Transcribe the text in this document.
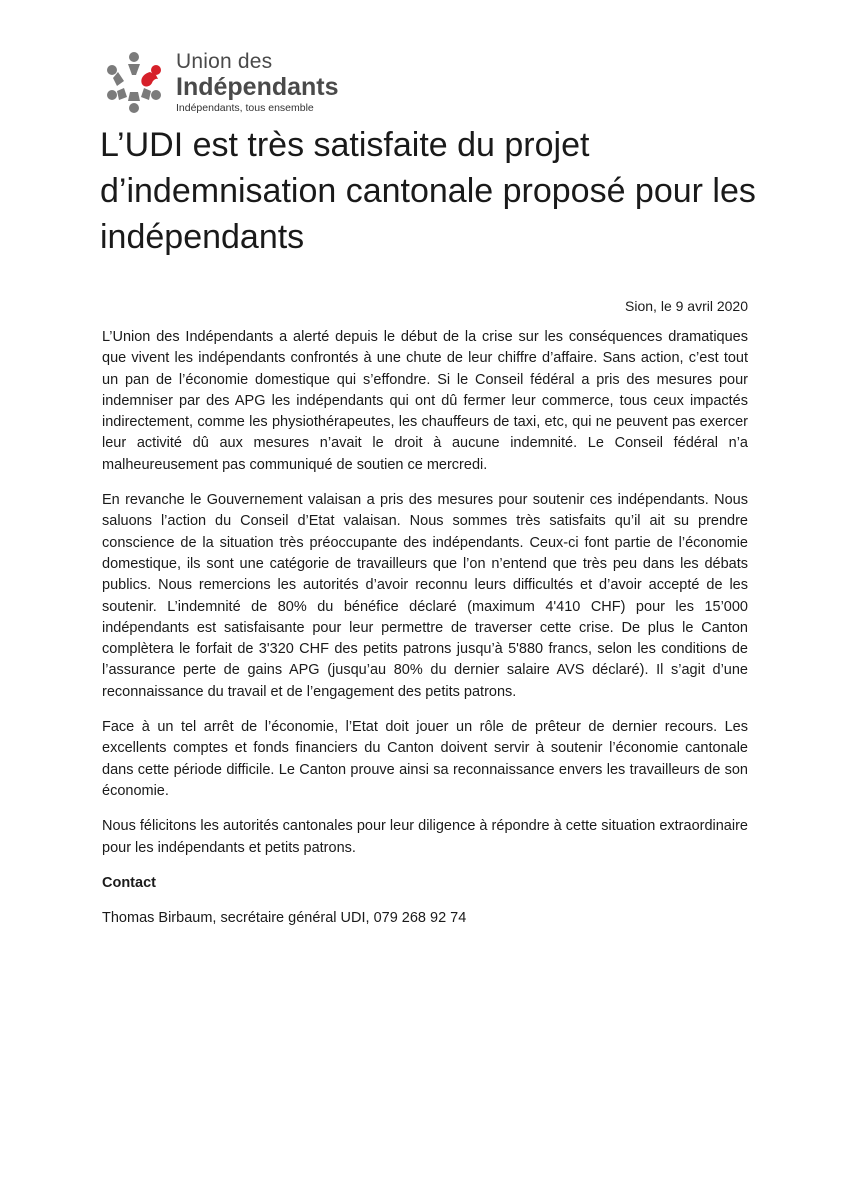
Union des
Indépendants
Indépendants, tous ensemble
L’UDI est très satisfaite du projet d’indemnisation cantonale proposé pour les indépendants
Sion, le 9 avril 2020

L’Union des Indépendants a alerté depuis le début de la crise sur les conséquences dramatiques que vivent les indépendants confrontés à une chute de leur chiffre d’affaire. Sans action, c’est tout un pan de l’économie domestique qui s’effondre. Si le Conseil fédéral a pris des mesures pour indemniser par des APG les indépendants qui ont dû fermer leur commerce, tous ceux impactés indirectement, comme les physiothérapeutes, les chauffeurs de taxi, etc, qui ne peuvent pas exercer leur activité dû aux mesures n’avait le droit à aucune indemnité. Le Conseil fédéral n’a malheureusement pas communiqué de soutien ce mercredi.

En revanche le Gouvernement valaisan a pris des mesures pour soutenir ces indépendants. Nous saluons l’action du Conseil d’Etat valaisan. Nous sommes très satisfaits qu’il ait su prendre conscience de la situation très préoccupante des indépendants. Ceux-ci font partie de l’économie domestique, ils sont une catégorie de travailleurs que l’on n’entend que très peu dans les débats publics. Nous remercions les autorités d’avoir reconnu leurs difficultés et d’avoir accepté de les soutenir. L’indemnité de 80% du bénéfice déclaré (maximum 4'410 CHF) pour les 15’000 indépendants est satisfaisante pour leur permettre de traverser cette crise. De plus le Canton complètera le forfait de 3'320 CHF des petits patrons jusqu’à 5'880 francs, selon les conditions de l’assurance perte de gains APG (jusqu’au 80% du dernier salaire AVS déclaré). Il s’agit d’une reconnaissance du travail et de l’engagement des petits patrons.

Face à un tel arrêt de l’économie, l’Etat doit jouer un rôle de prêteur de dernier recours. Les excellents comptes et fonds financiers du Canton doivent servir à soutenir l’économie cantonale dans cette période difficile. Le Canton prouve ainsi sa reconnaissance envers les travailleurs de son économie.

Nous félicitons les autorités cantonales pour leur diligence à répondre à cette situation extraordinaire pour les indépendants et petits patrons.

Contact
Thomas Birbaum, secrétaire général UDI, 079 268 92 74
